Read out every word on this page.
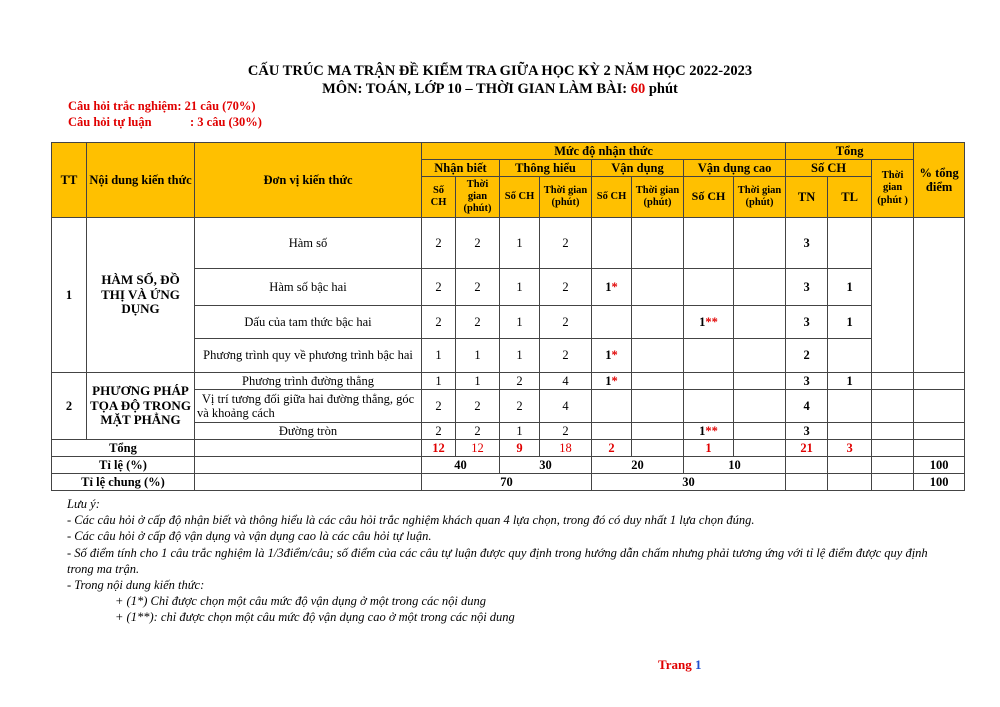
CẤU TRÚC MA TRẬN ĐỀ KIỂM TRA GIỮA HỌC KỲ 2 NĂM HỌC 2022-2023
MÔN: TOÁN, LỚP 10 – THỜI GIAN LÀM BÀI: 60 phút
Câu hỏi trắc nghiệm: 21 câu (70%)
Câu hỏi tự luận	: 3 câu (30%)
TT	Nội dung kiến thức	Đơn vị kiến thức	Mức độ nhận thức								Tổng			% tổng điểm
			Nhận biết		Thông hiểu		Vận dụng		Vận dụng cao		Số CH		Thời gian (phút )	
			Số CH	Thời gian (phút)	Số CH	Thời gian (phút)	Số CH	Thời gian (phút)	Số CH	Thời gian (phút)	TN	TL		
1	HÀM SỐ, ĐỒ THỊ VÀ ỨNG DỤNG	Hàm số	2	2	1	2					3			
		Hàm số bậc hai	2	2	1	2	1*				3	1		
		Dấu của tam thức bậc hai	2	2	1	2			1**		3	1		
		Phương trình quy về phương trình bậc hai	1	1	1	2	1*				2			
2	PHƯƠNG PHÁP TỌA ĐỘ TRONG MẶT PHẲNG	Phương trình đường thẳng	1	1	2	4	1*				3	1		
		Vị trí tương đối giữa hai đường thẳng, góc và khoảng cách	2	2	2	4					4			
		Đường tròn	2	2	1	2			1**		3			
Tổng			12	12	9	18	2		1		21	3		
Tỉ lệ (%)			40		30		20		10					100
Tỉ lệ chung (%)			70				30							100
Lưu ý:
- Các câu hỏi ở cấp độ nhận biết và thông hiểu là các câu hỏi trắc nghiệm khách quan 4 lựa chọn, trong đó có duy nhất 1 lựa chọn đúng.
- Các câu hỏi ở cấp độ vận dụng và vận dụng cao là các câu hỏi tự luận.
- Số điểm tính cho 1 câu trắc nghiệm là 1/3điểm/câu; số điểm của các câu tự luận được quy định trong hướng dẫn chấm nhưng phải tương ứng với tỉ lệ điểm được quy định trong ma trận.
- Trong nội dung kiến thức:
+ (1*) Chỉ được chọn một câu mức độ vận dụng ở một trong các nội dung
+ (1**): chỉ được chọn một câu mức độ vận dụng cao ở một trong các nội dung
Trang 1
